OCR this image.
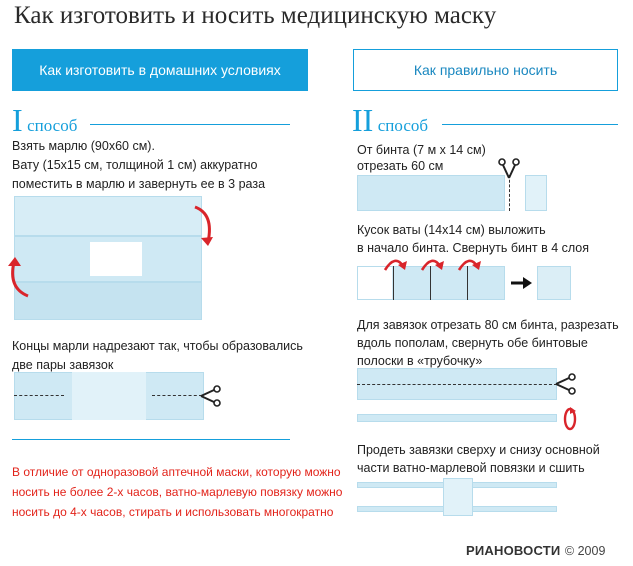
Как изготовить и носить медицинскую маску
Как изготовить в домашних условиях	Как правильно носить
I способ
Взять марлю (90x60 см).
Вату (15x15 см, толщиной 1 см) аккуратно
поместить в марлю и завернуть ее в 3 раза
Концы марли надрезают так, чтобы образовались
две пары завязок
В отличие от одноразовой аптечной маски, которую можно
носить не более 2-х часов, ватно-марлевую повязку можно
носить до 4-х часов, стирать и использовать многократно
II способ
От бинта (7 м х 14 см)
отрезать 60 см
Кусок ваты (14x14 см) выложить
в начало бинта. Свернуть бинт в 4 слоя
Для завязок отрезать 80 см бинта, разрезать
вдоль пополам, свернуть обе бинтовые
полоски в «трубочку»
Продеть завязки сверху и снизу основной
части ватно-марлевой повязки и сшить
РИАНОВОСТИ © 2009
